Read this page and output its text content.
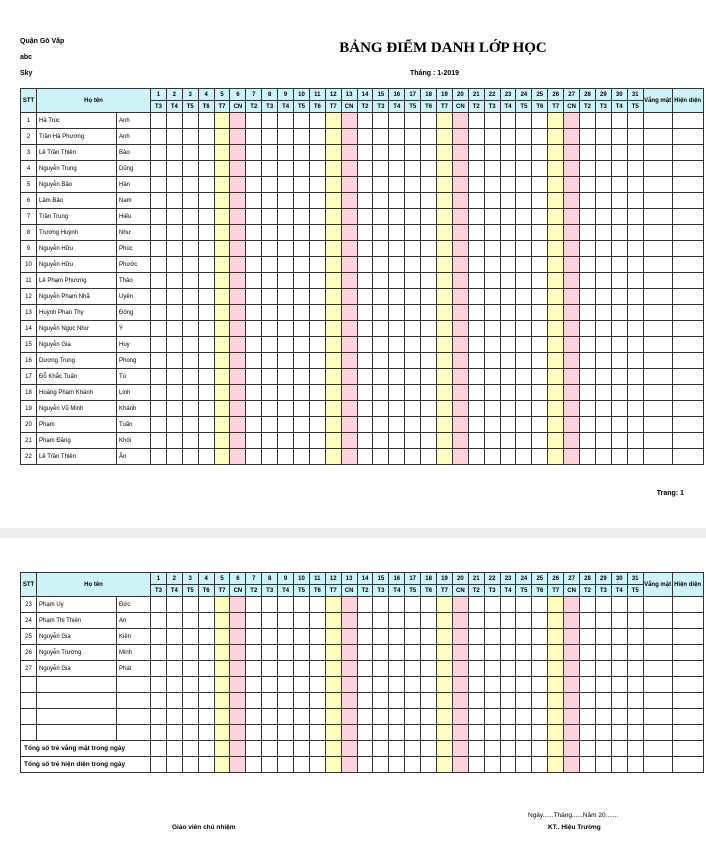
Quận Gò Vấp
abc
Sky
BẢNG ĐIỂM DANH LỚP HỌC
Tháng : 1-2019
STT	Họ tên		1	2	3	4	5	6	7	8	9	10	11	12	13	14	15	16	17	18	19	20	21	22	23	24	25	26	27	28	29	30	31	Vắng mặt	Hiện diện
			T3	T4	T5	T6	T7	CN	T2	T3	T4	T5	T6	T7	CN	T2	T3	T4	T5	T6	T7	CN	T2	T3	T4	T5	T6	T7	CN	T2	T3	T4	T5		
1	Hà Trúc	Anh																																	
2	Trần Hà Phương	Anh																																	
3	Lê Trần Thiên	Bảo																																	
4	Nguyễn Trung	Dũng																																	
5	Nguyễn Bảo	Hân																																	
6	Lâm Bảo	Nam																																	
7	Trần Trung	Hiếu																																	
8	Trương Huỳnh	Như																																	
9	Nguyễn Hữu	Phúc																																	
10	Nguyễn Hữu	Phước																																	
11	Lê Phạm Phương	Thảo																																	
12	Nguyễn Phạm Nhã	Uyên																																	
13	Huỳnh Phan Thy	Đông																																	
14	Nguyễn Ngọc Như	Ý																																	
15	Nguyễn Gia	Huy																																	
16	Dương Trung	Phong																																	
17	Đỗ Khắc Tuấn	Tú																																	
18	Hoàng Phạm Khánh	Linh																																	
19	Nguyễn Vũ Minh	Khánh																																	
20	Phạm	Tuấn																																	
21	Phạm Đăng	Khôi																																	
22	Lê Trần Thiên	Ân																																	
Trang: 1
STT	Họ tên		1	2	3	4	5	6	7	8	9	10	11	12	13	14	15	16	17	18	19	20	21	22	23	24	25	26	27	28	29	30	31	Vắng mặt	Hiện diện
			T3	T4	T5	T6	T7	CN	T2	T3	T4	T5	T6	T7	CN	T2	T3	T4	T5	T6	T7	CN	T2	T3	T4	T5	T6	T7	CN	T2	T3	T4	T5		
23	Phạm Uy	Đức																																	
24	Phạm Thị Thiên	An																																	
25	Nguyễn Gia	Kiên																																	
26	Nguyễn Trường	Minh																																	
27	Nguyễn Gia	Phát																																	

Tổng số trẻ vắng mặt trong ngày																																			
Tổng số trẻ hiện diện trong ngày																																			
Ngày......Tháng......Năm 20.......
Giáo viên chủ nhiệm	KT.. Hiệu Trưởng
